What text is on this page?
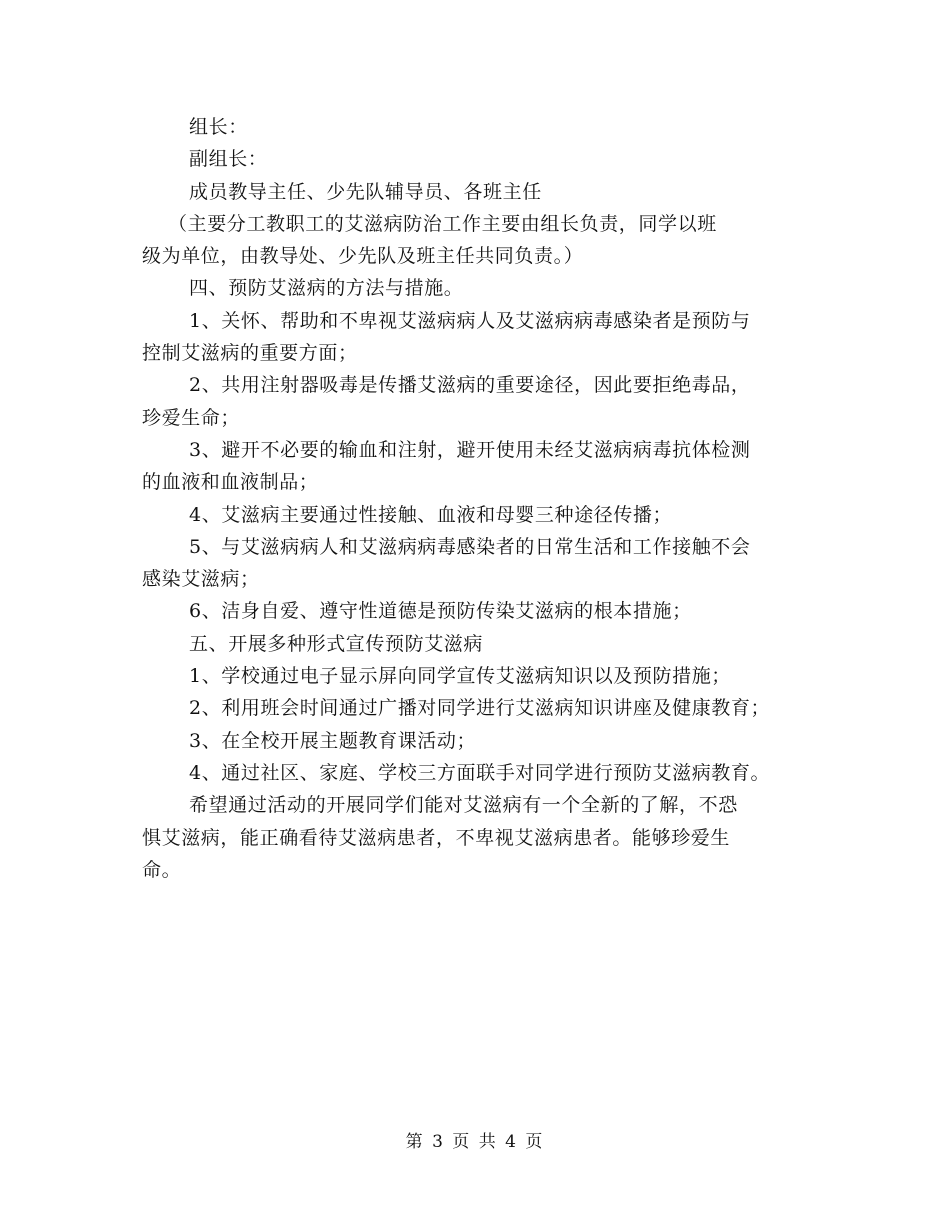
组长：
副组长：
成员教导主任、少先队辅导员、各班主任
（主要分工教职工的艾滋病防治工作主要由组长负责，同学以班
级为单位，由教导处、少先队及班主任共同负责。）
四、预防艾滋病的方法与措施。
1、关怀、帮助和不卑视艾滋病病人及艾滋病病毒感染者是预防与
控制艾滋病的重要方面；
2、共用注射器吸毒是传播艾滋病的重要途径，因此要拒绝毒品，
珍爱生命；
3、避开不必要的输血和注射，避开使用未经艾滋病病毒抗体检测
的血液和血液制品；
4、艾滋病主要通过性接触、血液和母婴三种途径传播；
5、与艾滋病病人和艾滋病病毒感染者的日常生活和工作接触不会
感染艾滋病；
6、洁身自爱、遵守性道德是预防传染艾滋病的根本措施；
五、开展多种形式宣传预防艾滋病
1、学校通过电子显示屏向同学宣传艾滋病知识以及预防措施；
2、利用班会时间通过广播对同学进行艾滋病知识讲座及健康教育；
3、在全校开展主题教育课活动；
4、通过社区、家庭、学校三方面联手对同学进行预防艾滋病教育。
希望通过活动的开展同学们能对艾滋病有一个全新的了解，不恐
惧艾滋病，能正确看待艾滋病患者，不卑视艾滋病患者。能够珍爱生
命。
第 3 页 共 4 页
